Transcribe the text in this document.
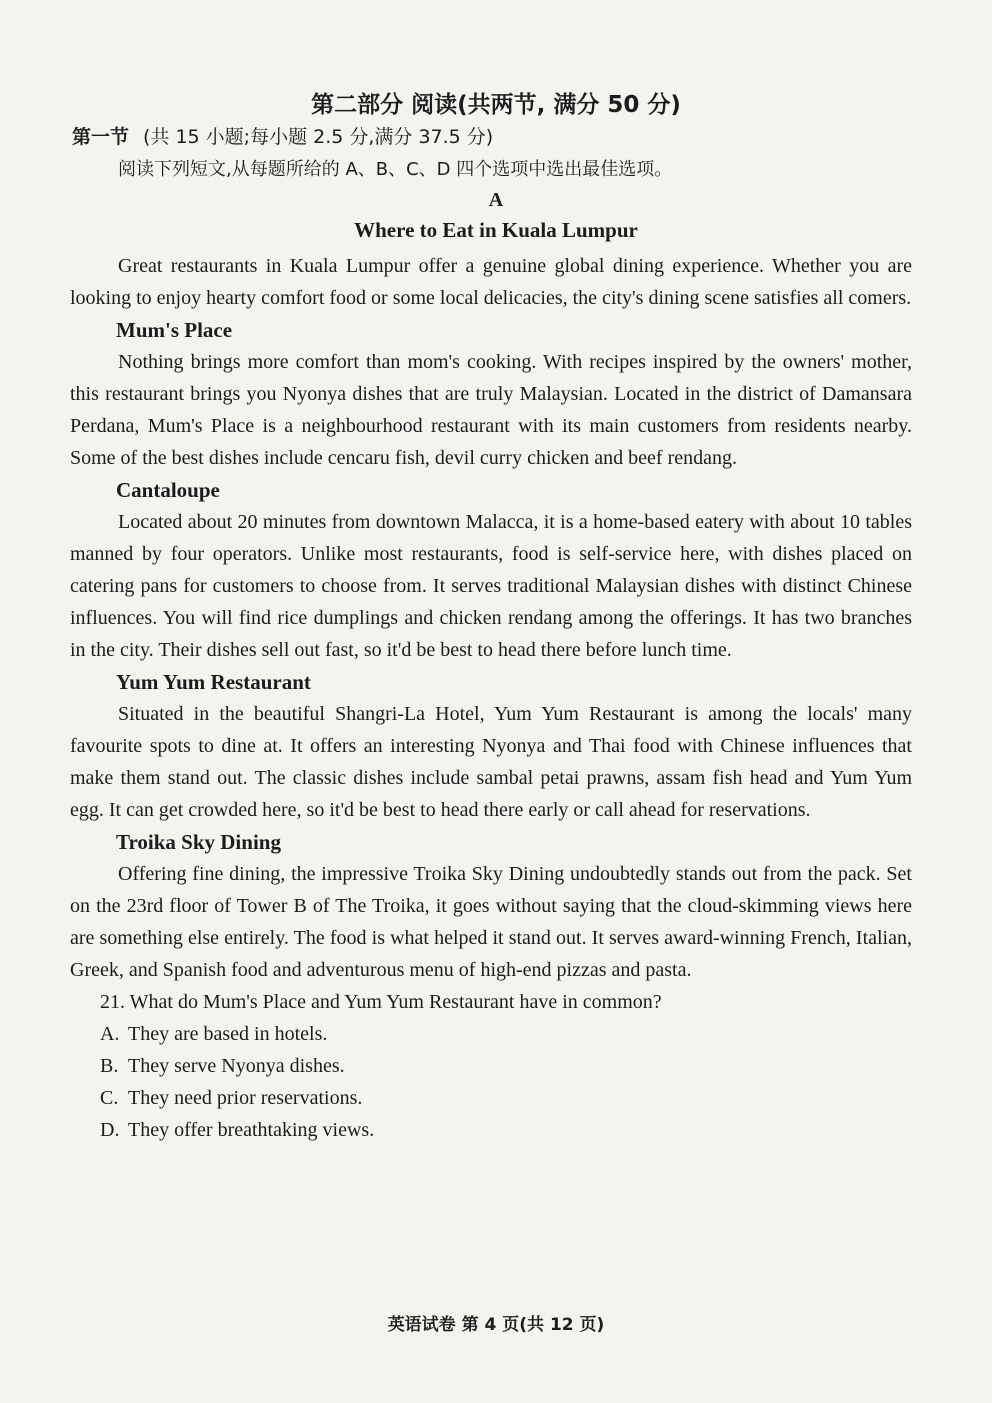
第二部分 阅读(共两节, 满分 50 分)
第一节 (共 15 小题;每小题 2.5 分,满分 37.5 分)
阅读下列短文,从每题所给的 A、B、C、D 四个选项中选出最佳选项。
A
Where to Eat in Kuala Lumpur

Great restaurants in Kuala Lumpur offer a genuine global dining experience. Whether you are looking to enjoy hearty comfort food or some local delicacies, the city's dining scene satisfies all comers.

Mum's Place

Nothing brings more comfort than mom's cooking. With recipes inspired by the owners' mother, this restaurant brings you Nyonya dishes that are truly Malaysian. Located in the district of Damansara Perdana, Mum's Place is a neighbourhood restaurant with its main customers from residents nearby. Some of the best dishes include cencaru fish, devil curry chicken and beef rendang.

Cantaloupe

Located about 20 minutes from downtown Malacca, it is a home-based eatery with about 10 tables manned by four operators. Unlike most restaurants, food is self-service here, with dishes placed on catering pans for customers to choose from. It serves traditional Malaysian dishes with distinct Chinese influences. You will find rice dumplings and chicken rendang among the offerings. It has two branches in the city. Their dishes sell out fast, so it'd be best to head there before lunch time.

Yum Yum Restaurant

Situated in the beautiful Shangri-La Hotel, Yum Yum Restaurant is among the locals' many favourite spots to dine at. It offers an interesting Nyonya and Thai food with Chinese influences that make them stand out. The classic dishes include sambal petai prawns, assam fish head and Yum Yum egg. It can get crowded here, so it'd be best to head there early or call ahead for reservations.

Troika Sky Dining

Offering fine dining, the impressive Troika Sky Dining undoubtedly stands out from the pack. Set on the 23rd floor of Tower B of The Troika, it goes without saying that the cloud-skimming views here are something else entirely. The food is what helped it stand out. It serves award-winning French, Italian, Greek, and Spanish food and adventurous menu of high-end pizzas and pasta.

21. What do Mum's Place and Yum Yum Restaurant have in common?

A. They are based in hotels.
B. They serve Nyonya dishes.
C. They need prior reservations.
D. They offer breathtaking views.
英语试卷 第 4 页(共 12 页)
